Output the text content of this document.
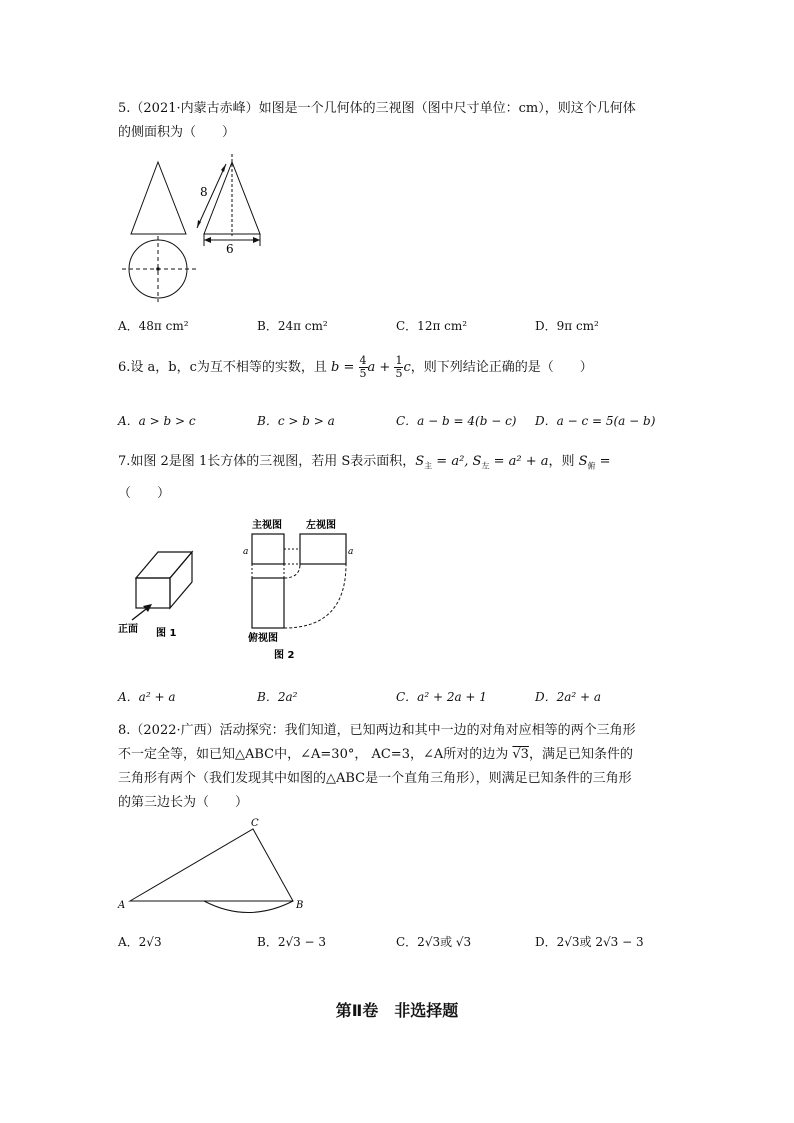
5.（2021·内蒙古赤峰）如图是一个几何体的三视图（图中尺寸单位：cm），则这个几何体
的侧面积为（　　）
8
6
A．48π cm²	B．24π cm²	C．12π cm²	D．9π cm²
6.设 a，b，c为互不相等的实数，且 $b = \frac{4}{5}$ $a + \frac{1}{5}$ c，则下列结论正确的是（　　）
A．a > b > c	B．c > b > a	C．a − b = 4(b − c) D．a − c = 5(a − b)
7.如图 2是图 1长方体的三视图，若用 S表示面积，$S_主 = a^2$, $S_左 = a^2 + a$，则 $S_俯$ =
（　　）
正面 图 1
主视图 左视图
a	a
俯视图
图 2
A．a² + a	B．2a²	C．a² + 2a + 1	D．2a² + a
8.（2022·广西）活动探究：我们知道，已知两边和其中一边的对角对应相等的两个三角形
不一定全等，如已知△ABC中，∠A=30°， AC=3，∠A所对的边为 √3，满足已知条件的
三角形有两个（我们发现其中如图的△ABC是一个直角三角形），则满足已知条件的三角形
的第三边长为（　　）
A	B
C
A．2√3	B．2√3 − 3	C．2√3或 √3	D．2√3或 2√3 − 3
第Ⅱ卷　非选择题
